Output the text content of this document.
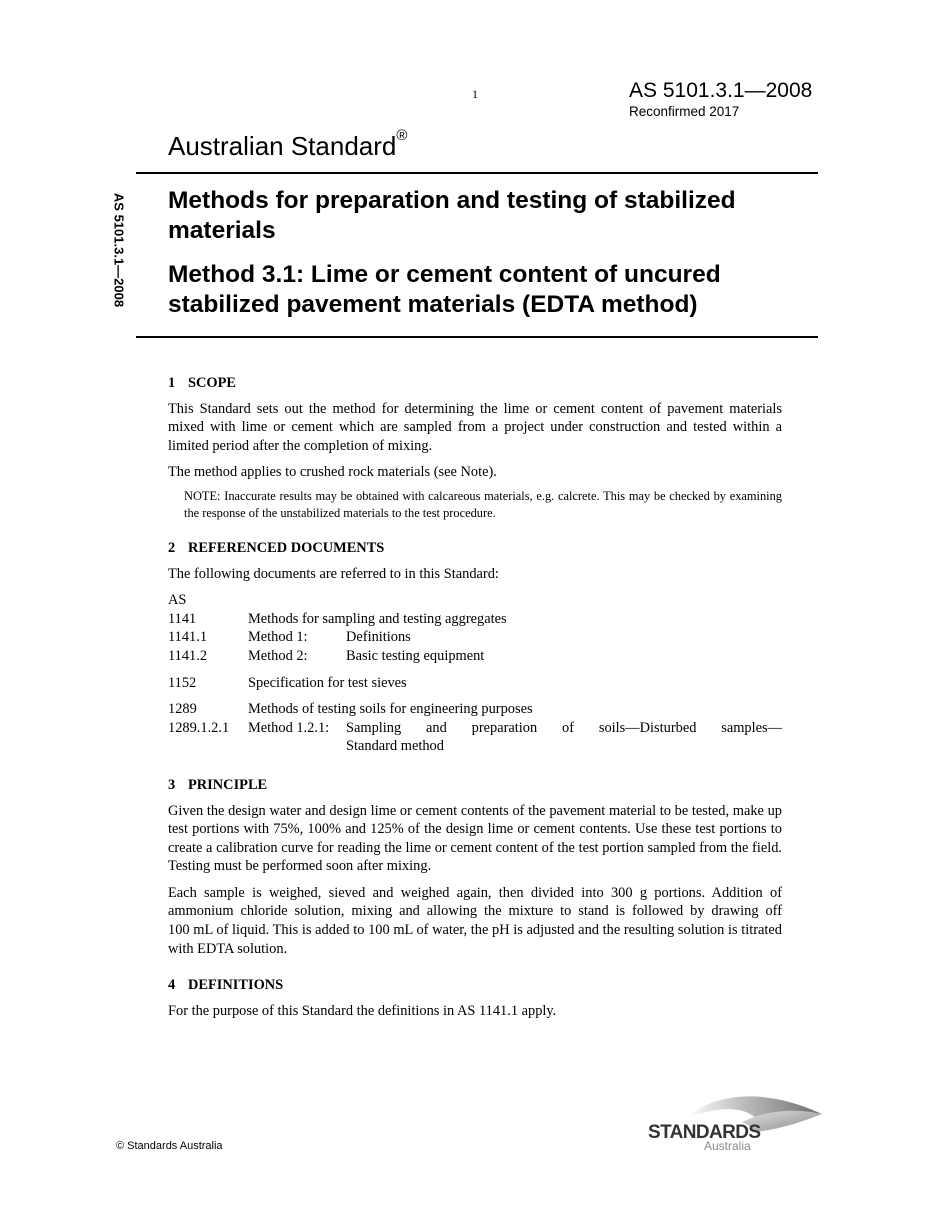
1	AS 5101.3.1—2008
Reconfirmed 2017
Australian Standard®
AS 5101.3.1—2008 Methods for preparation and testing of stabilized materials
Method 3.1: Lime or cement content of uncured stabilized pavement materials (EDTA method)
1 SCOPE

This Standard sets out the method for determining the lime or cement content of pavement materials mixed with lime or cement which are sampled from a project under construction and tested within a limited period after the completion of mixing.

The method applies to crushed rock materials (see Note).

NOTE: Inaccurate results may be obtained with calcareous materials, e.g. calcrete. This may be checked by examining the response of the unstabilized materials to the test procedure.

2 REFERENCED DOCUMENTS

The following documents are referred to in this Standard:

AS		
1141	Methods for sampling and testing aggregates	
1141.1	Method 1:	Definitions
1141.2	Method 2:	Basic testing equipment

1152	Specification for test sieves	

1289	Methods of testing soils for engineering purposes	
1289.1.2.1	Method 1.2.1:	Sampling and preparation of soils—Disturbed samples—
Standard method
3 PRINCIPLE

Given the design water and design lime or cement contents of the pavement material to be tested, make up test portions with 75%, 100% and 125% of the design lime or cement contents. Use these test portions to create a calibration curve for reading the lime or cement content of the test portion sampled from the field. Testing must be performed soon after mixing.

Each sample is weighed, sieved and weighed again, then divided into 300 g portions. Addition of ammonium chloride solution, mixing and allowing the mixture to stand is followed by drawing off 100 mL of liquid. This is added to 100 mL of water, the pH is adjusted and the resulting solution is titrated with EDTA solution.

4 DEFINITIONS

For the purpose of this Standard the definitions in AS 1141.1 apply.

© Standards Australia
STANDARDS
Australia
